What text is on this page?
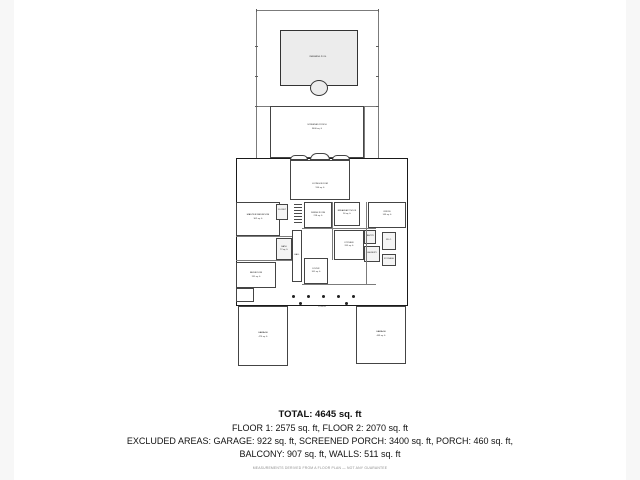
SWIMMING POOL
SCREENED PORCH
3400 sq. ft
LIVING ROOM
594 sq. ft
MASTER BEDROOM
302 sq. ft
BEDROOM
131 sq. ft
BATH
72 sq. ft
CLOSET
HALL
FOYER
161 sq. ft
DINING ROOM
218 sq. ft
KITCHEN
265 sq. ft
BREAKFAST NOOK
96 sq. ft
PANTRY
LAUNDRY
OFFICE
149 sq. ft
W.I.C.
STORAGE
PORCH
GARAGE
479 sq. ft
GARAGE
443 sq. ft
TOTAL: 4645 sq. ft
FLOOR 1: 2575 sq. ft, FLOOR 2: 2070 sq. ft
EXCLUDED AREAS: GARAGE: 922 sq. ft, SCREENED PORCH: 3400 sq. ft, PORCH: 460 sq. ft,
BALCONY: 907 sq. ft, WALLS: 511 sq. ft
MEASUREMENTS DERIVED FROM A FLOOR PLAN — NOT ANY GUARANTEE
